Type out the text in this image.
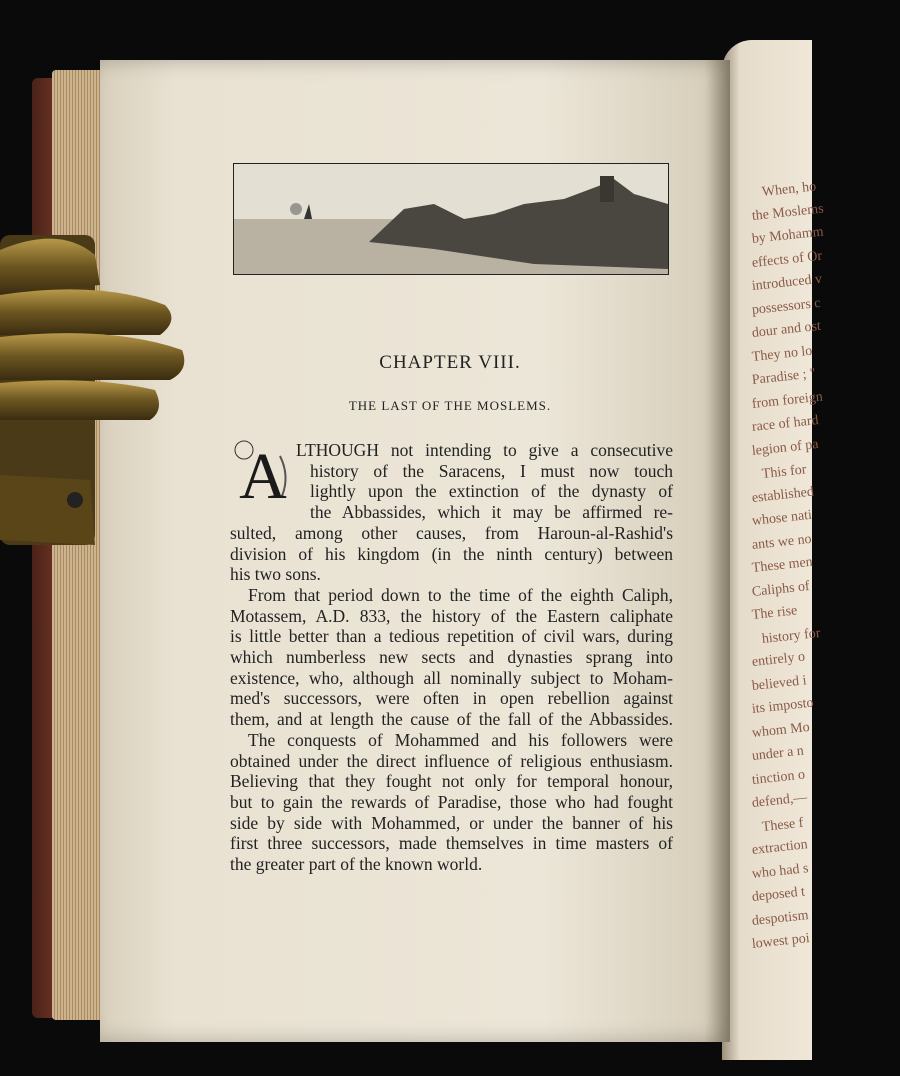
When, ho
the Moslems
by Mohamm
effects of Or
introduced v
possessors c
dour and ost
They no lo
Paradise ; "
from foreign
race of hard
legion of pa
This for
established
whose nati
ants we no
These men
Caliphs of
The rise
history for
entirely o
believed i
its imposto
whom Mo
under a n
tinction o
defend,—
These f
extraction
who had s
deposed t
despotism
lowest poi
CHAPTER VIII.
THE LAST OF THE MOSLEMS.
A LTHOUGH not intending to give a consecutive
history of the Saracens, I must now touch
lightly upon the extinction of the dynasty of
the Abbassides, which it may be affirmed re-
sulted, among other causes, from Haroun-al-Rashid's
division of his kingdom (in the ninth century) between
his two sons.
From that period down to the time of the eighth Caliph,
Motassem, A.D. 833, the history of the Eastern caliphate
is little better than a tedious repetition of civil wars, during
which numberless new sects and dynasties sprang into
existence, who, although all nominally subject to Moham-
med's successors, were often in open rebellion against
them, and at length the cause of the fall of the Abbassides.
The conquests of Mohammed and his followers were
obtained under the direct influence of religious enthusiasm.
Believing that they fought not only for temporal honour,
but to gain the rewards of Paradise, those who had fought
side by side with Mohammed, or under the banner of his
first three successors, made themselves in time masters of
the greater part of the known world.
